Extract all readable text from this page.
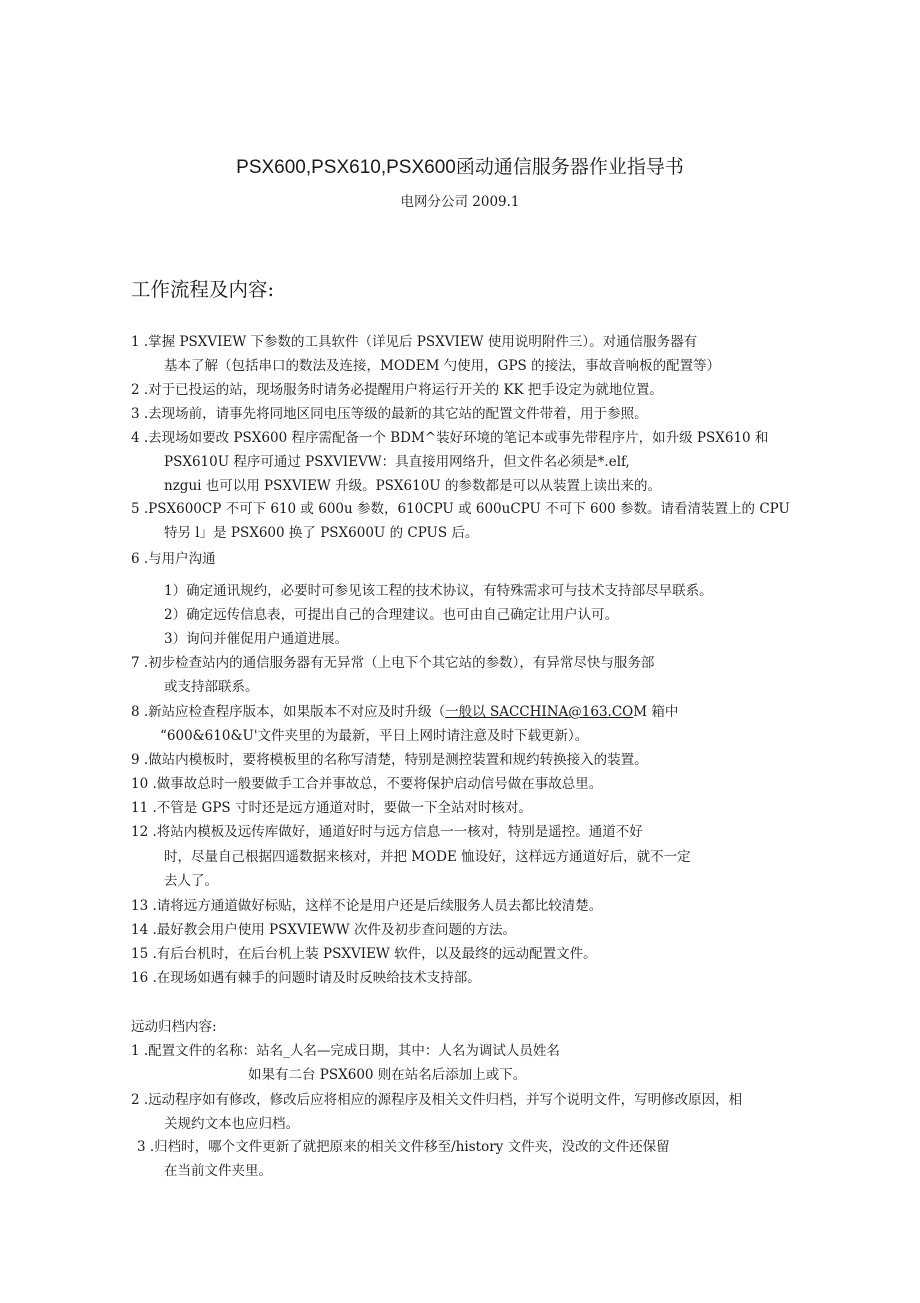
PSX600,PSX610,PSX600函动通信服务器作业指导书
电网分公司 2009.1
工作流程及内容:
1 .掌握 PSXVIEW 下参数的工具软件（详见后 PSXVIEW 使用说明附件三）。对通信服务器有
基本了解（包括串口的数法及连接，MODEM 勺使用，GPS 的接法，事故音响板的配置等）
2 .对于已投运的站，现场服务时请务必提醒用户将运行开关的 KK 把手设定为就地位置。
3 .去现场前，请事先将同地区同电压等级的最新的其它站的配置文件带着，用于参照。
4 .去现场如要改 PSX600 程序需配备一个 BDM^装好环境的笔记本或事先带程序片，如升级 PSX610 和
PSX610U 程序可通过 PSXVIEVW：具直接用网络升，但文件名必须是*.elf,
nzgui 也可以用 PSXVIEW 升级。PSX610U 的参数都是可以从装置上读出来的。
5 .PSX600CP 不可下 610 或 600u 参数，610CPU 或 600uCPU 不可下 600 参数。请看清装置上的 CPU
特另 l」是 PSX600 换了 PSX600U 的 CPUS 后。
6 .与用户沟通
1）确定通讯规约，必要时可参见该工程的技术协议，有特殊需求可与技术支持部尽早联系。
2）确定远传信息表，可提出自己的合理建议。也可由自己确定让用户认可。
3）询问并催促用户通道进展。
7 .初步检查站内的通信服务器有无异常（上电下个其它站的参数），有异常尽快与服务部
或支持部联系。
8 .新站应检查程序版本，如果版本不对应及时升级（一般以 SACCHINA@163.COM 箱中
“600&610&U'文件夹里的为最新，平日上网时请注意及时下载更新）。
9 .做站内模板时，要将模板里的名称写清楚，特别是测控装置和规约转换接入的装置。
10 .做事故总时一般要做手工合并事故总，不要将保护启动信号做在事故总里。
11 .不管是 GPS 寸时还是远方通道对时，要做一下全站对时核对。
12 .将站内模板及远传库做好，通道好时与远方信息一一核对，特别是遥控。通道不好
时，尽量自己根据四遥数据来核对，并把 MODE 恤设好，这样远方通道好后，就不一定
去人了。
13 .请将远方通道做好标贴，这样不论是用户还是后续服务人员去都比较清楚。
14 .最好教会用户使用 PSXVIEWW 次件及初步查问题的方法。
15 .有后台机时，在后台机上装 PSXVIEW 软件，以及最终的远动配置文件。
16 .在现场如遇有棘手的问题时请及时反映给技术支持部。
远动归档内容:
1 .配置文件的名称：站名_人名—完成日期，其中：人名为调试人员姓名
如果有二台 PSX600 则在站名后添加上或下。
2 .远动程序如有修改，修改后应将相应的源程序及相关文件归档，并写个说明文件，写明修改原因，相
关规约文本也应归档。
3 .归档时，哪个文件更新了就把原来的相关文件移至/history 文件夹，没改的文件还保留
在当前文件夹里。
